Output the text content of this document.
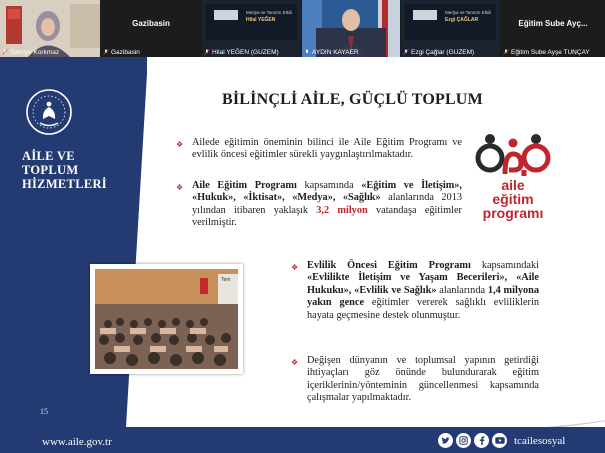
Samiye Korkmaz
Gazibasin
Gazibasin
Medya ve Tanıtım Etkili
Hilal YEĞEN
Hilal YEĞEN (GUZEM)	AYDIN KAYAER
Medya ve Tanıtım Etkili
Ezgi ÇAĞLAR
Ezgi Çağlar (GUZEM)
Eğitim Sube Ayç...
Eğitim Sube Ayşe TUNÇAY
AİLE VE
TOPLUM
HİZMETLERİ
15
www.aile.gov.tr	tcailesosyal
BİLİNÇLİ AİLE, GÜÇLÜ TOPLUM
❖ Ailede eğitimin öneminin bilinci ile Aile Eğitim Programı ve evlilik öncesi eğitimler sürekli yaygınlaştırılmaktadır.
❖ Aile Eğitim Programı kapsamında «Eğitim ve İletişim», «Hukuk», «İktisat», «Medya», «Sağlık» alanlarında 2013 yılından itibaren yaklaşık 3,2 milyon vatandaşa eğitimler verilmiştir.
aile
eğitim
programı
Tem
❖ Evlilik Öncesi Eğitim Programı kapsamındaki «Evlilikte İletişim ve Yaşam Becerileri», «Aile Hukuku», «Evlilik ve Sağlık» alanlarında 1,4 milyona yakın gence eğitimler vererek sağlıklı evliliklerin hayata geçmesine destek olunmuştur.
❖ Değişen dünyanın ve toplumsal yapının getirdiği ihtiyaçları göz önünde bulundurarak eğitim içeriklerinin/yönteminin güncellenmesi kapsamında çalışmalar yapılmaktadır.
